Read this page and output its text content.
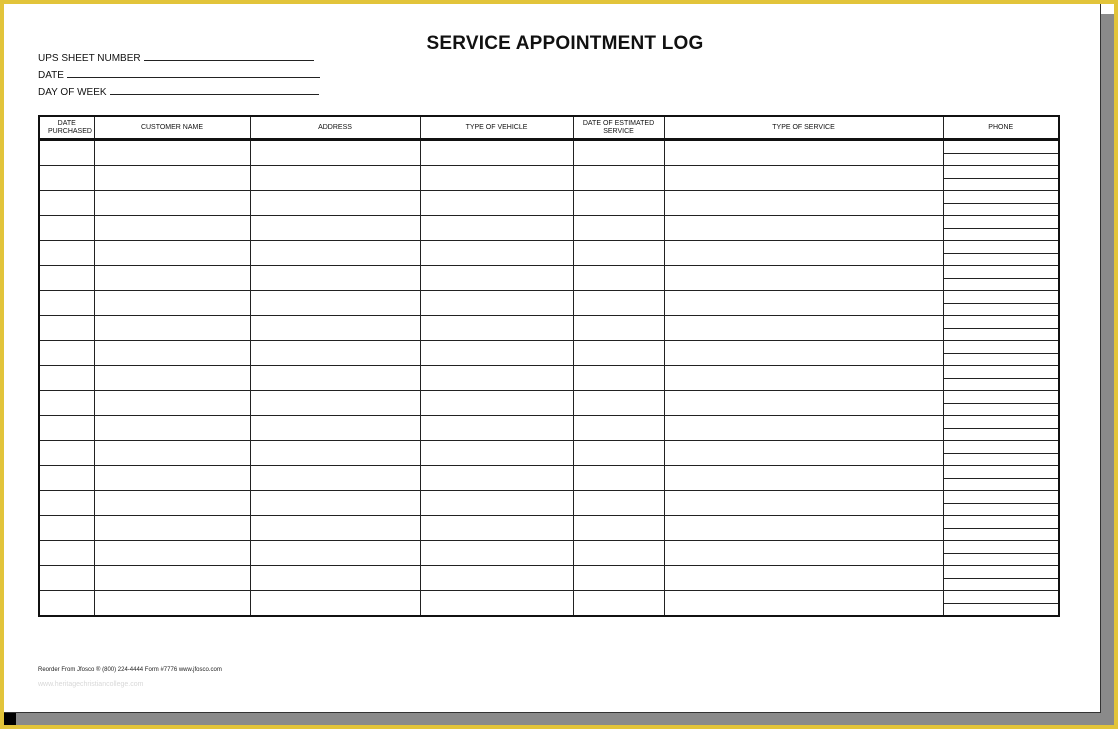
SERVICE APPOINTMENT LOG
UPS SHEET NUMBER
DATE
DAY OF WEEK
DATE PURCHASED	CUSTOMER NAME	ADDRESS	TYPE OF VEHICLE	DATE OF ESTIMATED SERVICE	TYPE OF SERVICE	PHONE

Reorder From Jfosco ® (800) 224-4444 Form #7776 www.jfosco.com
www.heritagechristiancollege.com
